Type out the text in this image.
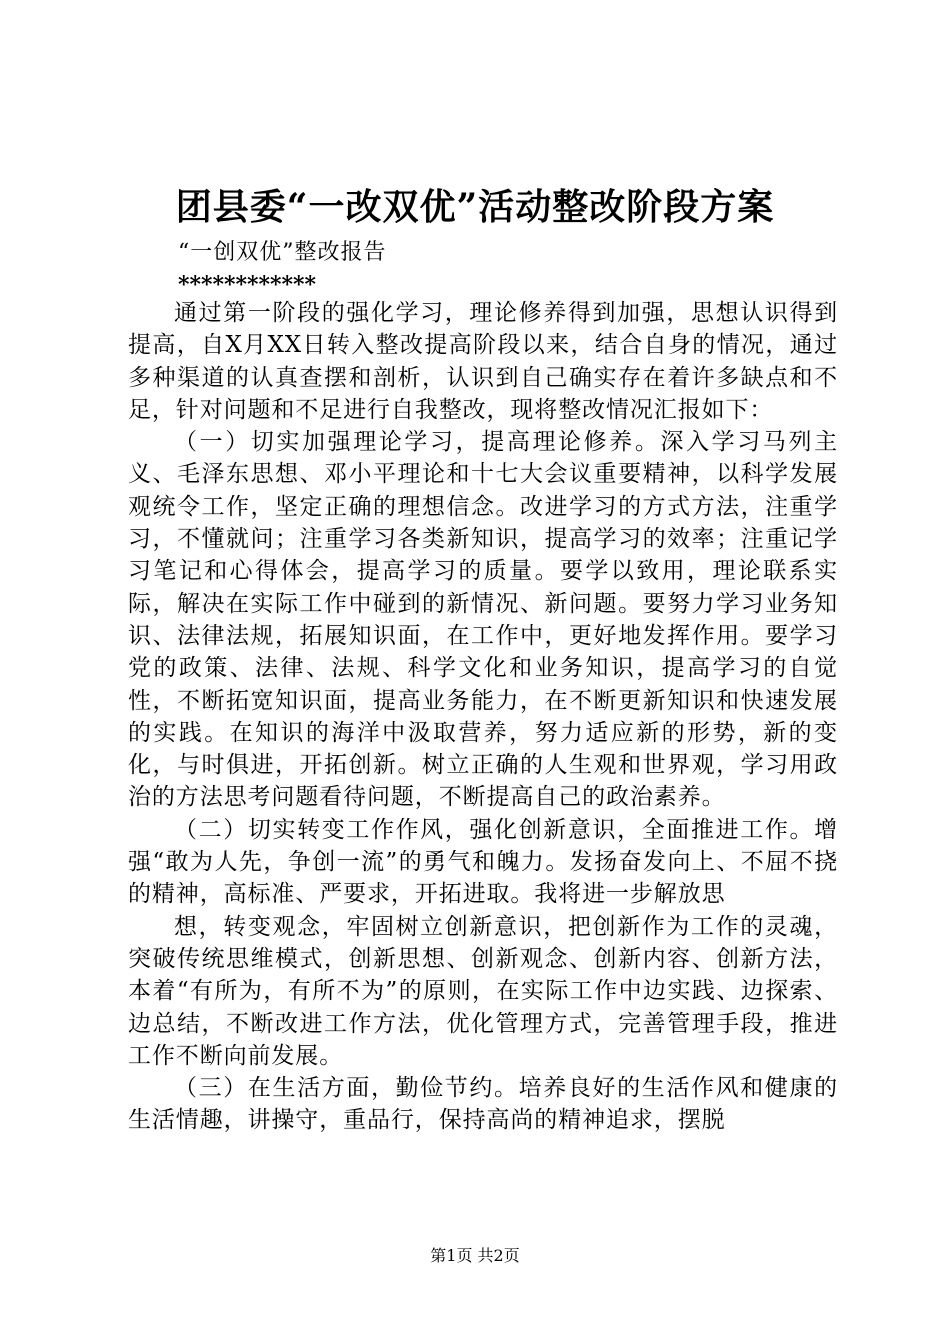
团县委“一改双优”活动整改阶段方案
“一创双优”整改报告
************

通过第一阶段的强化学习，理论修养得到加强，思想认识得到提高，自X月XX日转入整改提高阶段以来，结合自身的情况，通过多种渠道的认真查摆和剖析，认识到自己确实存在着许多缺点和不足，针对问题和不足进行自我整改，现将整改情况汇报如下：

（一）切实加强理论学习，提高理论修养。深入学习马列主义、毛泽东思想、邓小平理论和十七大会议重要精神，以科学发展观统令工作，坚定正确的理想信念。改进学习的方式方法，注重学习，不懂就问；注重学习各类新知识，提高学习的效率；注重记学习笔记和心得体会，提高学习的质量。要学以致用，理论联系实际，解决在实际工作中碰到的新情况、新问题。要努力学习业务知识、法律法规，拓展知识面，在工作中，更好地发挥作用。要学习党的政策、法律、法规、科学文化和业务知识，提高学习的自觉性，不断拓宽知识面，提高业务能力，在不断更新知识和快速发展的实践。在知识的海洋中汲取营养，努力适应新的形势，新的变化，与时俱进，开拓创新。树立正确的人生观和世界观，学习用政治的方法思考问题看待问题，不断提高自己的政治素养。

（二）切实转变工作作风，强化创新意识，全面推进工作。增强“敢为人先，争创一流”的勇气和魄力。发扬奋发向上、不屈不挠的精神，高标准、严要求，开拓进取。我将进一步解放思

想，转变观念，牢固树立创新意识，把创新作为工作的灵魂，突破传统思维模式，创新思想、创新观念、创新内容、创新方法，本着“有所为，有所不为”的原则，在实际工作中边实践、边探索、边总结，不断改进工作方法，优化管理方式，完善管理手段，推进工作不断向前发展。

（三）在生活方面，勤俭节约。培养良好的生活作风和健康的生活情趣，讲操守，重品行，保持高尚的精神追求，摆脱

第1页 共2页
